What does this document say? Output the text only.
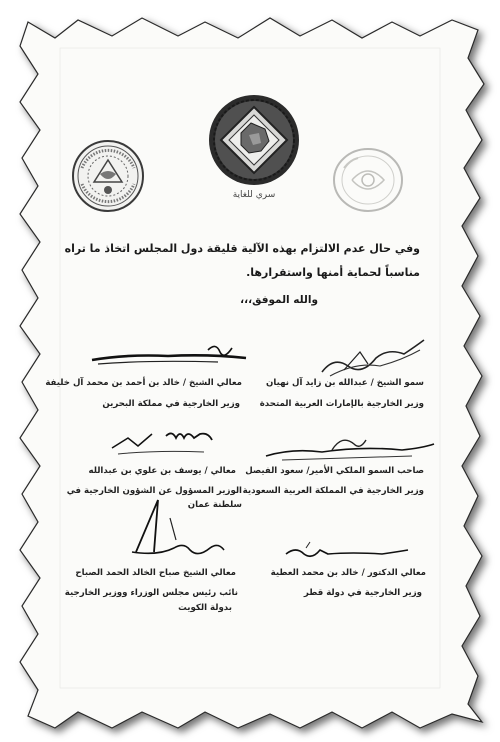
سري للغاية
وفي حال عدم الالتزام بهذه الآلية قليقة دول المجلس اتخاذ ما تراه
مناسباً لحماية أمنها واستقرارها.
والله الموفق،،،
سمو الشيخ / عبدالله بن زايد آل نهيان
وزير الخارجية بالإمارات العربية المتحدة
معالي الشيخ / خالد بن أحمد بن محمد آل خليفة
وزير الخارجية في مملكة البحرين
صاحب السمو الملكي الأمير/ سعود الفيصل
وزير الخارجية في المملكة العربية السعودية
معالي / يوسف بن علوي بن عبدالله
الوزير المسؤول عن الشؤون الخارجية في
سلطنة عمان
معالي الدكتور / خالد بن محمد العطية
وزير الخارجية في دولة قطر
معالي الشيخ صباح الخالد الحمد الصباح
نائب رئيس مجلس الوزراء ووزير الخارجية
بدولة الكويت
